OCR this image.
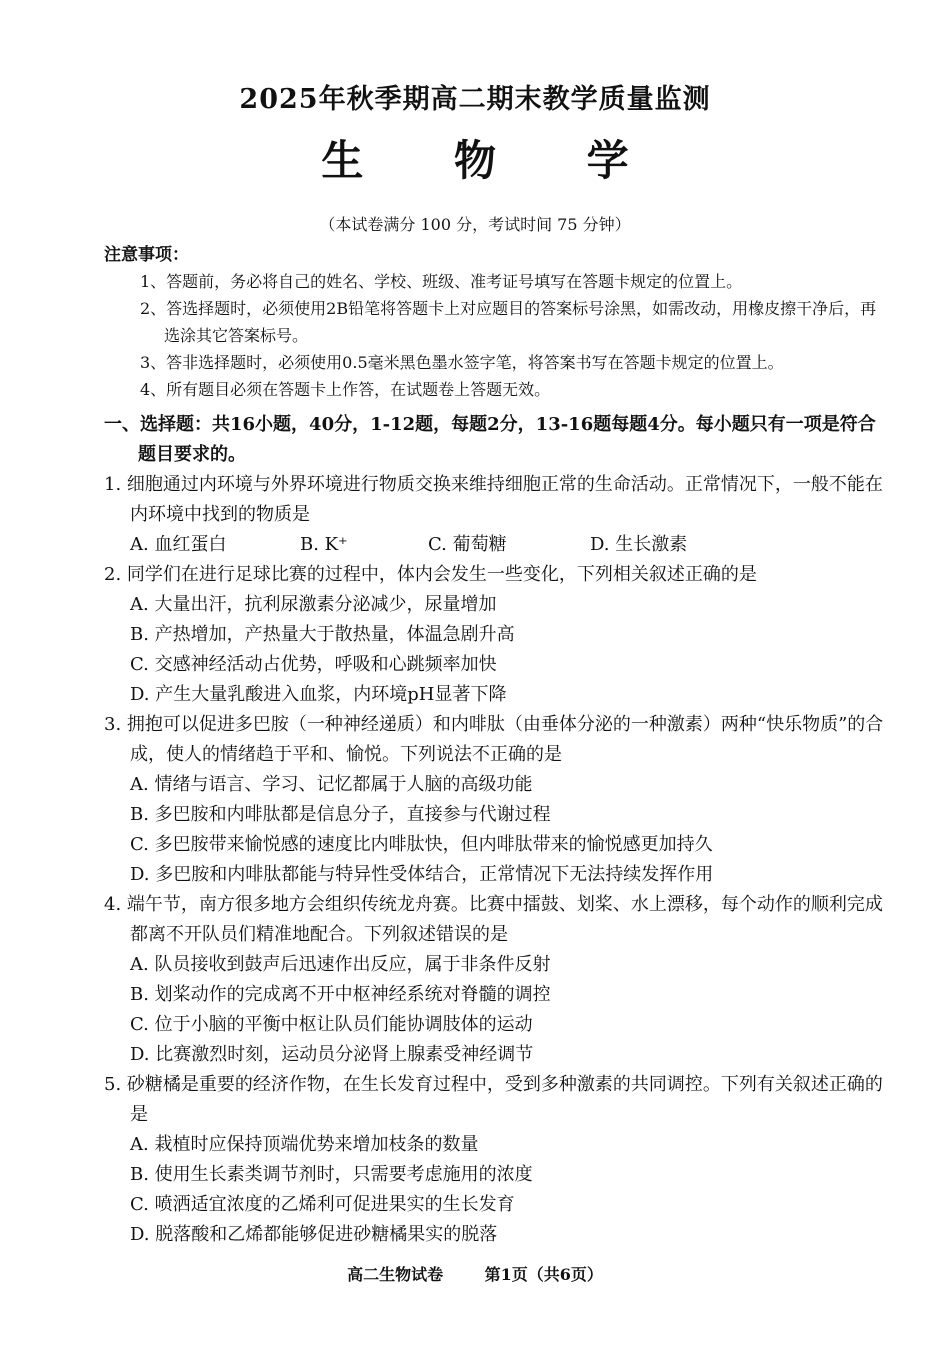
2025年秋季期高二期末教学质量监测
生 物 学
（本试卷满分 100 分，考试时间 75 分钟）

注意事项：

1、答题前，务必将自己的姓名、学校、班级、准考证号填写在答题卡规定的位置上。
2、答选择题时，必须使用2B铅笔将答题卡上对应题目的答案标号涂黑，如需改动，用橡皮擦干净后，再选涂其它答案标号。
3、答非选择题时，必须使用0.5毫米黑色墨水签字笔，将答案书写在答题卡规定的位置上。
4、所有题目必须在答题卡上作答，在试题卷上答题无效。
一、选择题：共16小题，40分，1-12题，每题2分，13-16题每题4分。每小题只有一项是符合题目要求的。
1. 细胞通过内环境与外界环境进行物质交换来维持细胞正常的生命活动。正常情况下，一般不能在内环境中找到的物质是
A. 血红蛋白	B. K⁺	C. 葡萄糖	D. 生长激素
2. 同学们在进行足球比赛的过程中，体内会发生一些变化，下列相关叙述正确的是
A. 大量出汗，抗利尿激素分泌减少，尿量增加
B. 产热增加，产热量大于散热量，体温急剧升高
C. 交感神经活动占优势，呼吸和心跳频率加快
D. 产生大量乳酸进入血浆，内环境pH显著下降
3. 拥抱可以促进多巴胺（一种神经递质）和内啡肽（由垂体分泌的一种激素）两种“快乐物质”的合成，使人的情绪趋于平和、愉悦。下列说法不正确的是
A. 情绪与语言、学习、记忆都属于人脑的高级功能
B. 多巴胺和内啡肽都是信息分子，直接参与代谢过程
C. 多巴胺带来愉悦感的速度比内啡肽快，但内啡肽带来的愉悦感更加持久
D. 多巴胺和内啡肽都能与特异性受体结合，正常情况下无法持续发挥作用
4. 端午节，南方很多地方会组织传统龙舟赛。比赛中擂鼓、划桨、水上漂移，每个动作的顺利完成都离不开队员们精准地配合。下列叙述错误的是
A. 队员接收到鼓声后迅速作出反应，属于非条件反射
B. 划桨动作的完成离不开中枢神经系统对脊髓的调控
C. 位于小脑的平衡中枢让队员们能协调肢体的运动
D. 比赛激烈时刻，运动员分泌肾上腺素受神经调节
5. 砂糖橘是重要的经济作物，在生长发育过程中，受到多种激素的共同调控。下列有关叙述正确的是
A. 栽植时应保持顶端优势来增加枝条的数量
B. 使用生长素类调节剂时，只需要考虑施用的浓度
C. 喷洒适宜浓度的乙烯利可促进果实的生长发育
D. 脱落酸和乙烯都能够促进砂糖橘果实的脱落
高二生物试卷	第1页（共6页）
